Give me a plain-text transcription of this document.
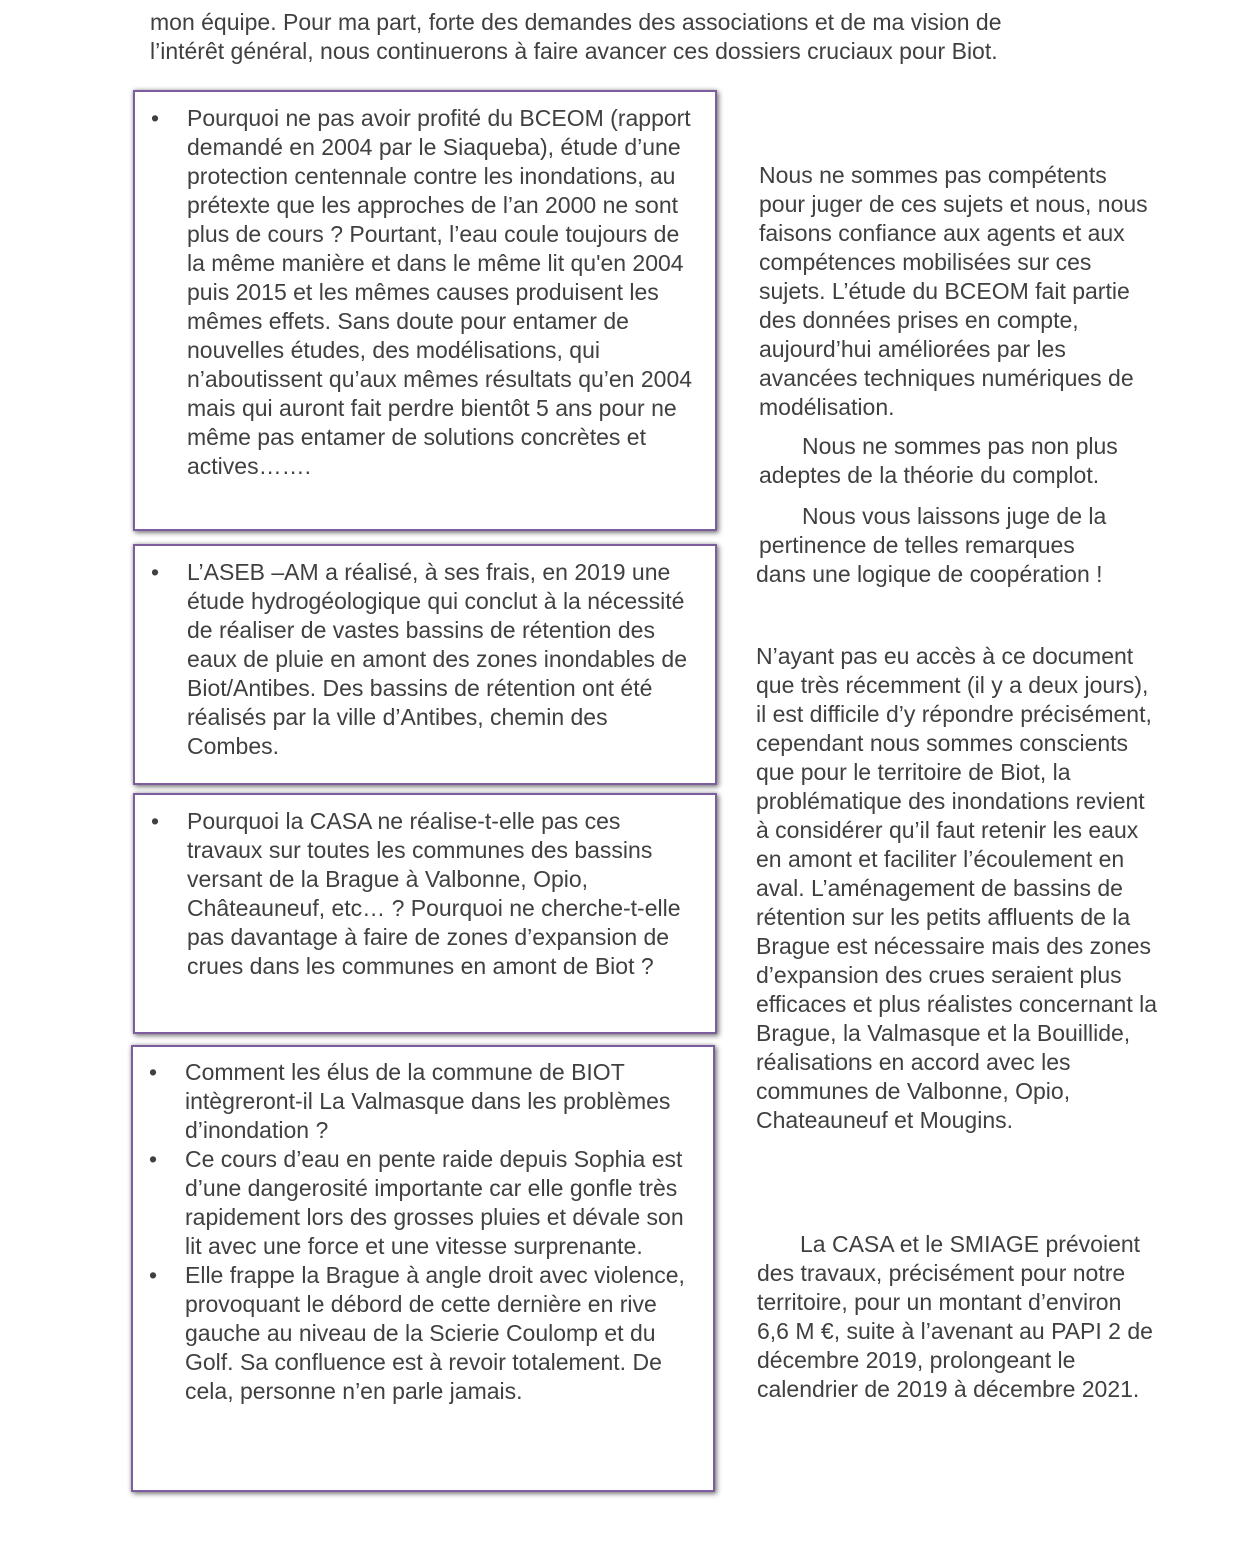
mon équipe. Pour ma part, forte des demandes des associations et de ma vision de
l’intérêt général, nous continuerons à faire avancer ces dossiers cruciaux pour Biot.

• Pourquoi ne pas avoir profité du BCEOM (rapport demandé en 2004 par le Siaqueba), étude d’une protection centennale contre les inondations, au prétexte que les approches de l’an 2000 ne sont plus de cours ? Pourtant, l’eau coule toujours de la même manière et dans le même lit qu'en 2004 puis 2015 et les mêmes causes produisent les mêmes effets. Sans doute pour entamer de nouvelles études, des modélisations, qui n’aboutissent qu’aux mêmes résultats qu’en 2004 mais qui auront fait perdre bientôt 5 ans pour ne même pas entamer de solutions concrètes et actives…….
• L’ASEB –AM a réalisé, à ses frais, en 2019 une étude hydrogéologique qui conclut à la nécessité de réaliser de vastes bassins de rétention des eaux de pluie en amont des zones inondables de Biot/Antibes. Des bassins de rétention ont été réalisés par la ville d’Antibes, chemin des Combes.
• Pourquoi la CASA ne réalise-t-elle pas ces travaux sur toutes les communes des bassins versant de la Brague à Valbonne, Opio, Châteauneuf, etc… ? Pourquoi ne cherche-t-elle pas davantage à faire de zones d’expansion de crues dans les communes en amont de Biot ?
• Comment les élus de la commune de BIOT intègreront-il La Valmasque dans les problèmes d’inondation ?
• Ce cours d’eau en pente raide depuis Sophia est d’une dangerosité importante car elle gonfle très rapidement lors des grosses pluies et dévale son lit avec une force et une vitesse surprenante.
• Elle frappe la Brague à angle droit avec violence, provoquant le débord de cette dernière en rive gauche au niveau de la Scierie Coulomp et du Golf. Sa confluence est à revoir totalement. De cela, personne n’en parle jamais.

Nous ne sommes pas compétents pour juger de ces sujets et nous, nous faisons confiance aux agents et aux compétences mobilisées sur ces sujets. L’étude du BCEOM fait partie des données prises en compte, aujourd’hui améliorées par les avancées techniques numériques de modélisation.

Nous ne sommes pas non plus adeptes de la théorie du complot.

Nous vous laissons juge de la pertinence de telles remarques
dans une logique de coopération !

N’ayant pas eu accès à ce document que très récemment (il y a deux jours), il est difficile d’y répondre précisément, cependant nous sommes conscients que pour le territoire de Biot, la problématique des inondations revient à considérer qu’il faut retenir les eaux en amont et faciliter l’écoulement en aval. L’aménagement de bassins de rétention sur les petits affluents de la Brague est nécessaire mais des zones d’expansion des crues seraient plus efficaces et plus réalistes concernant la Brague, la Valmasque et la Bouillide, réalisations en accord avec les communes de Valbonne, Opio, Chateauneuf et Mougins.

La CASA et le SMIAGE prévoient des travaux, précisément pour notre territoire, pour un montant d’environ 6,6 M €, suite à l’avenant au PAPI 2 de décembre 2019, prolongeant le calendrier de 2019 à décembre 2021.
